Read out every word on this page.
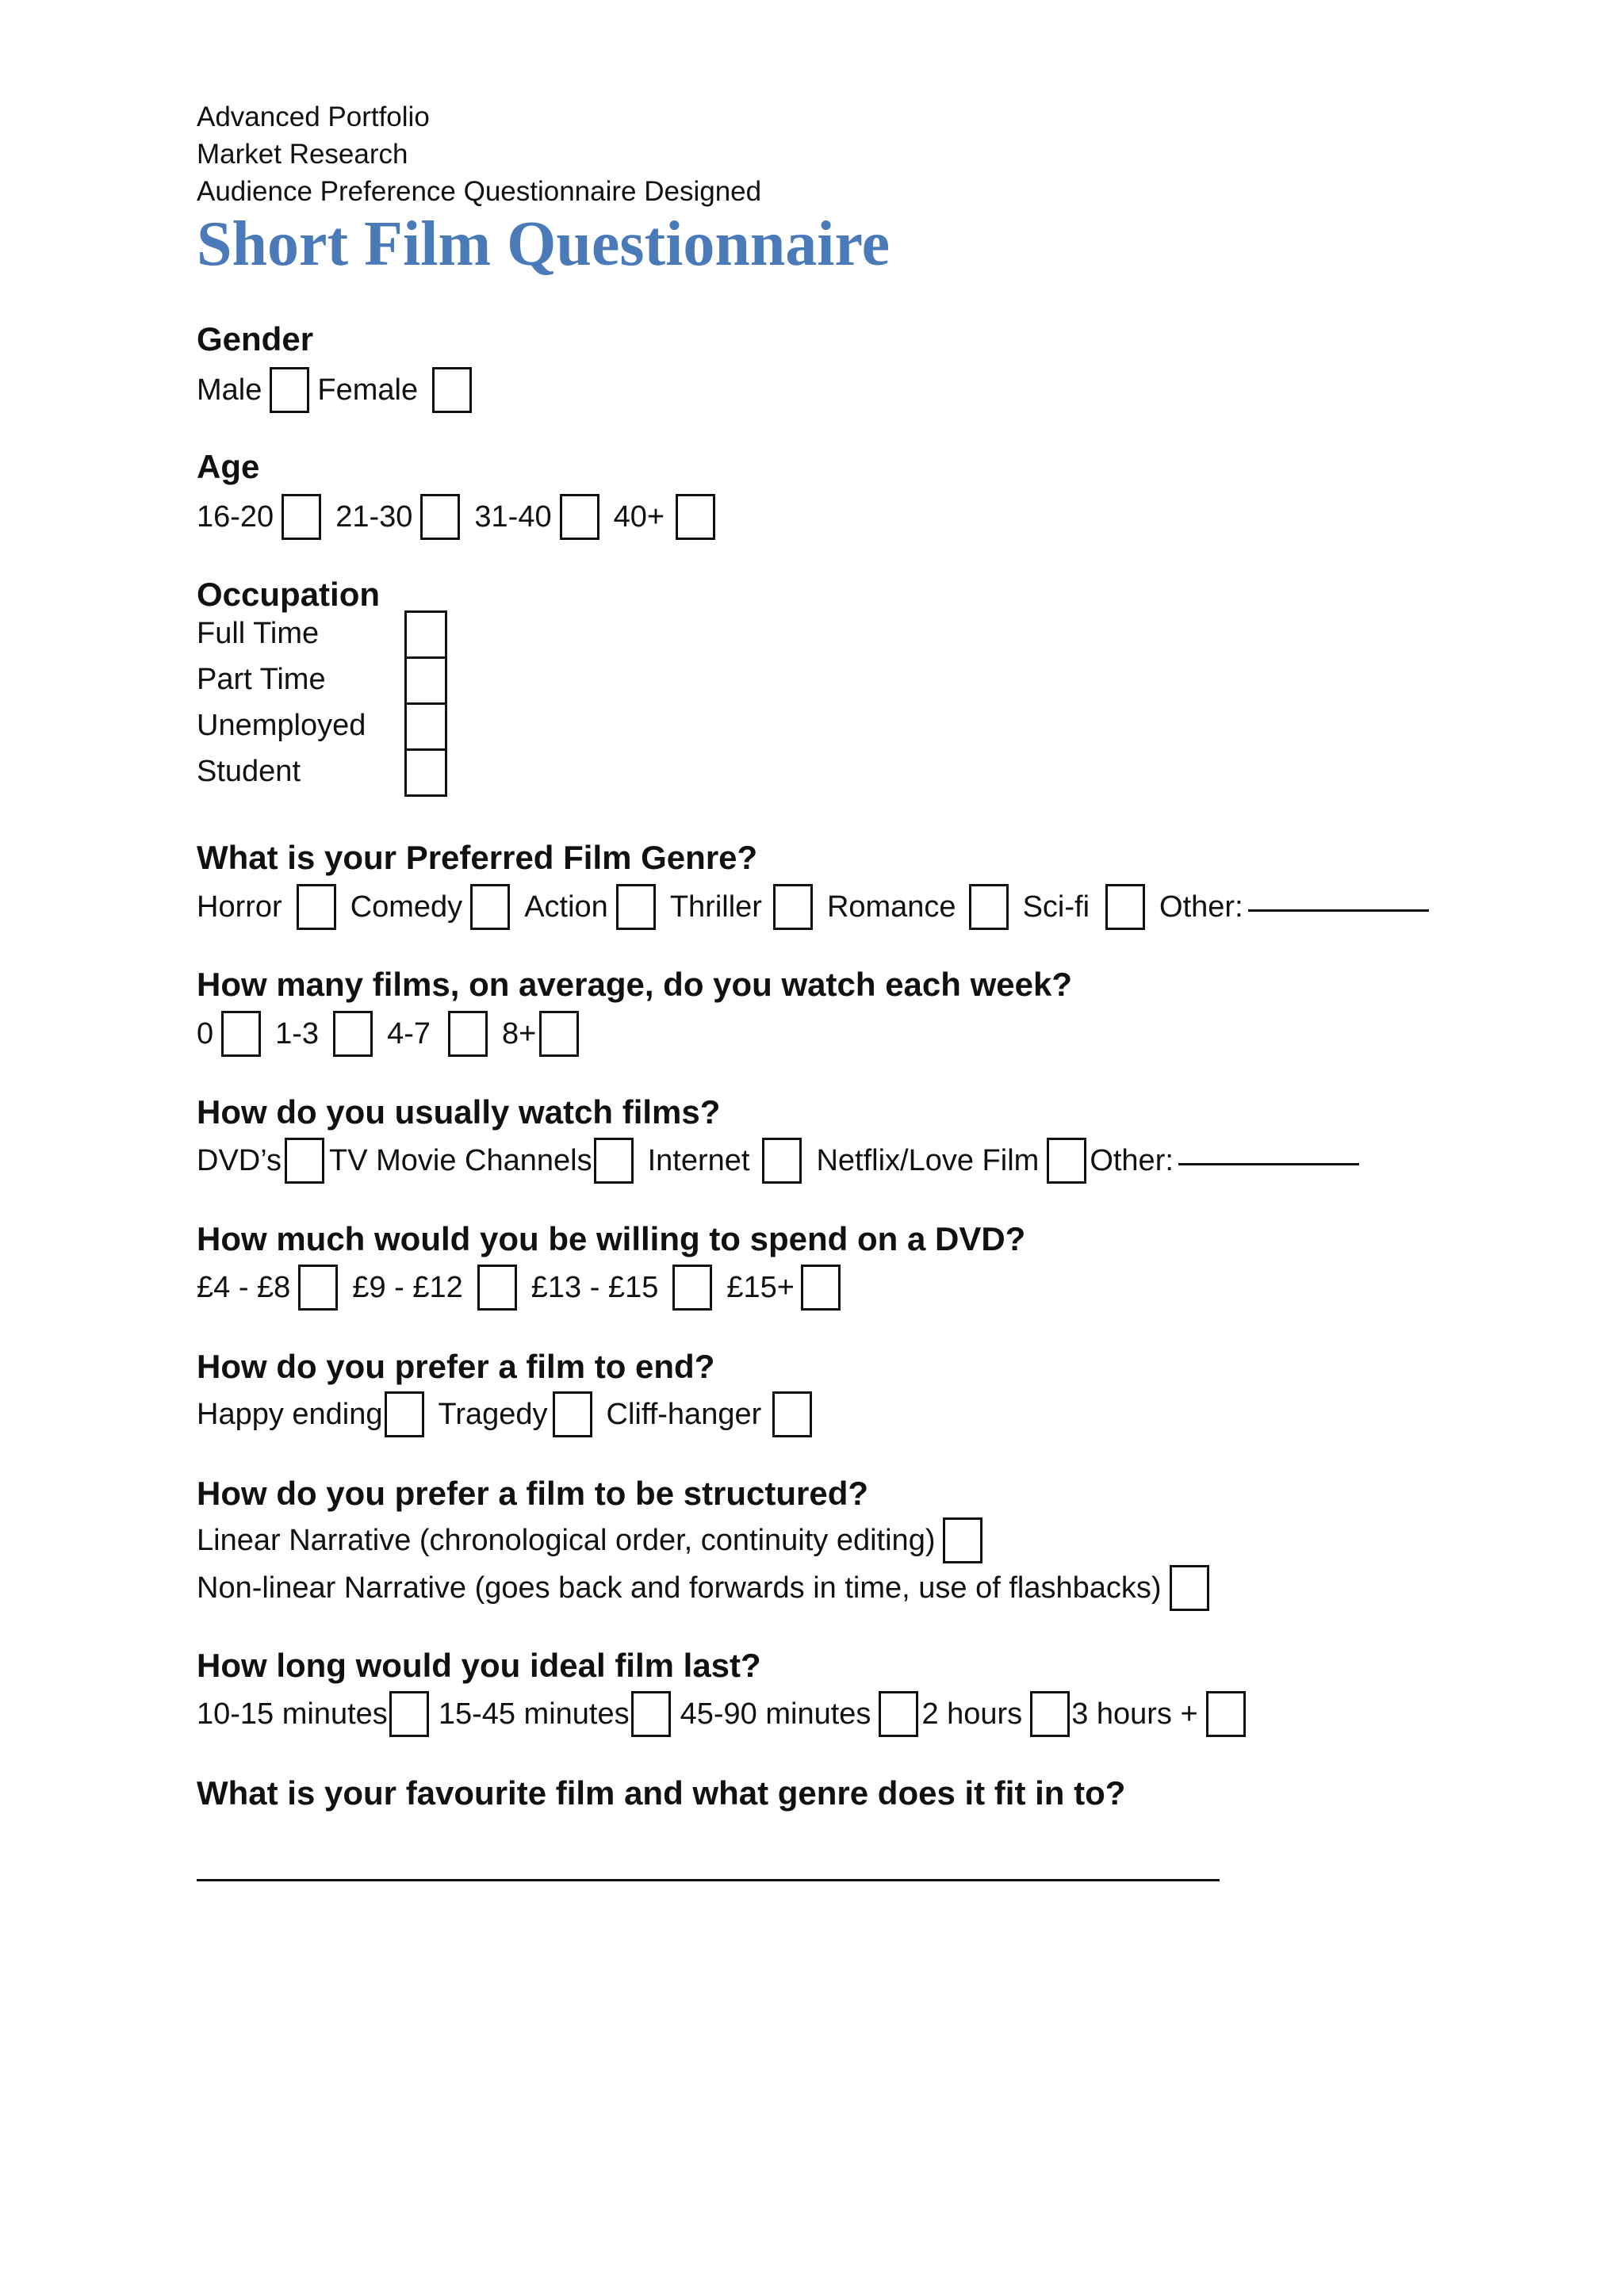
Advanced Portfolio
Market Research
Audience Preference Questionnaire Designed
Short Film Questionnaire
Gender
Male Female
Age
16-20 21-30 31-40 40+
Occupation
Full Time
Part Time
Unemployed
Student
What is your Preferred Film Genre?
Horror Comedy Action Thriller Romance Sci-fi Other:
How many films, on average, do you watch each week?
0 1-3 4-7 8+
How do you usually watch films?
DVD’s TV Movie Channels Internet Netflix/Love Film Other:
How much would you be willing to spend on a DVD?
£4 - £8 £9 - £12 £13 - £15 £15+
How do you prefer a film to end?
Happy ending Tragedy Cliff-hanger
How do you prefer a film to be structured?
Linear Narrative (chronological order, continuity editing)
Non-linear Narrative (goes back and forwards in time, use of flashbacks)
How long would you ideal film last?
10-15 minutes 15-45 minutes 45-90 minutes 2 hours 3 hours +
What is your favourite film and what genre does it fit in to?
